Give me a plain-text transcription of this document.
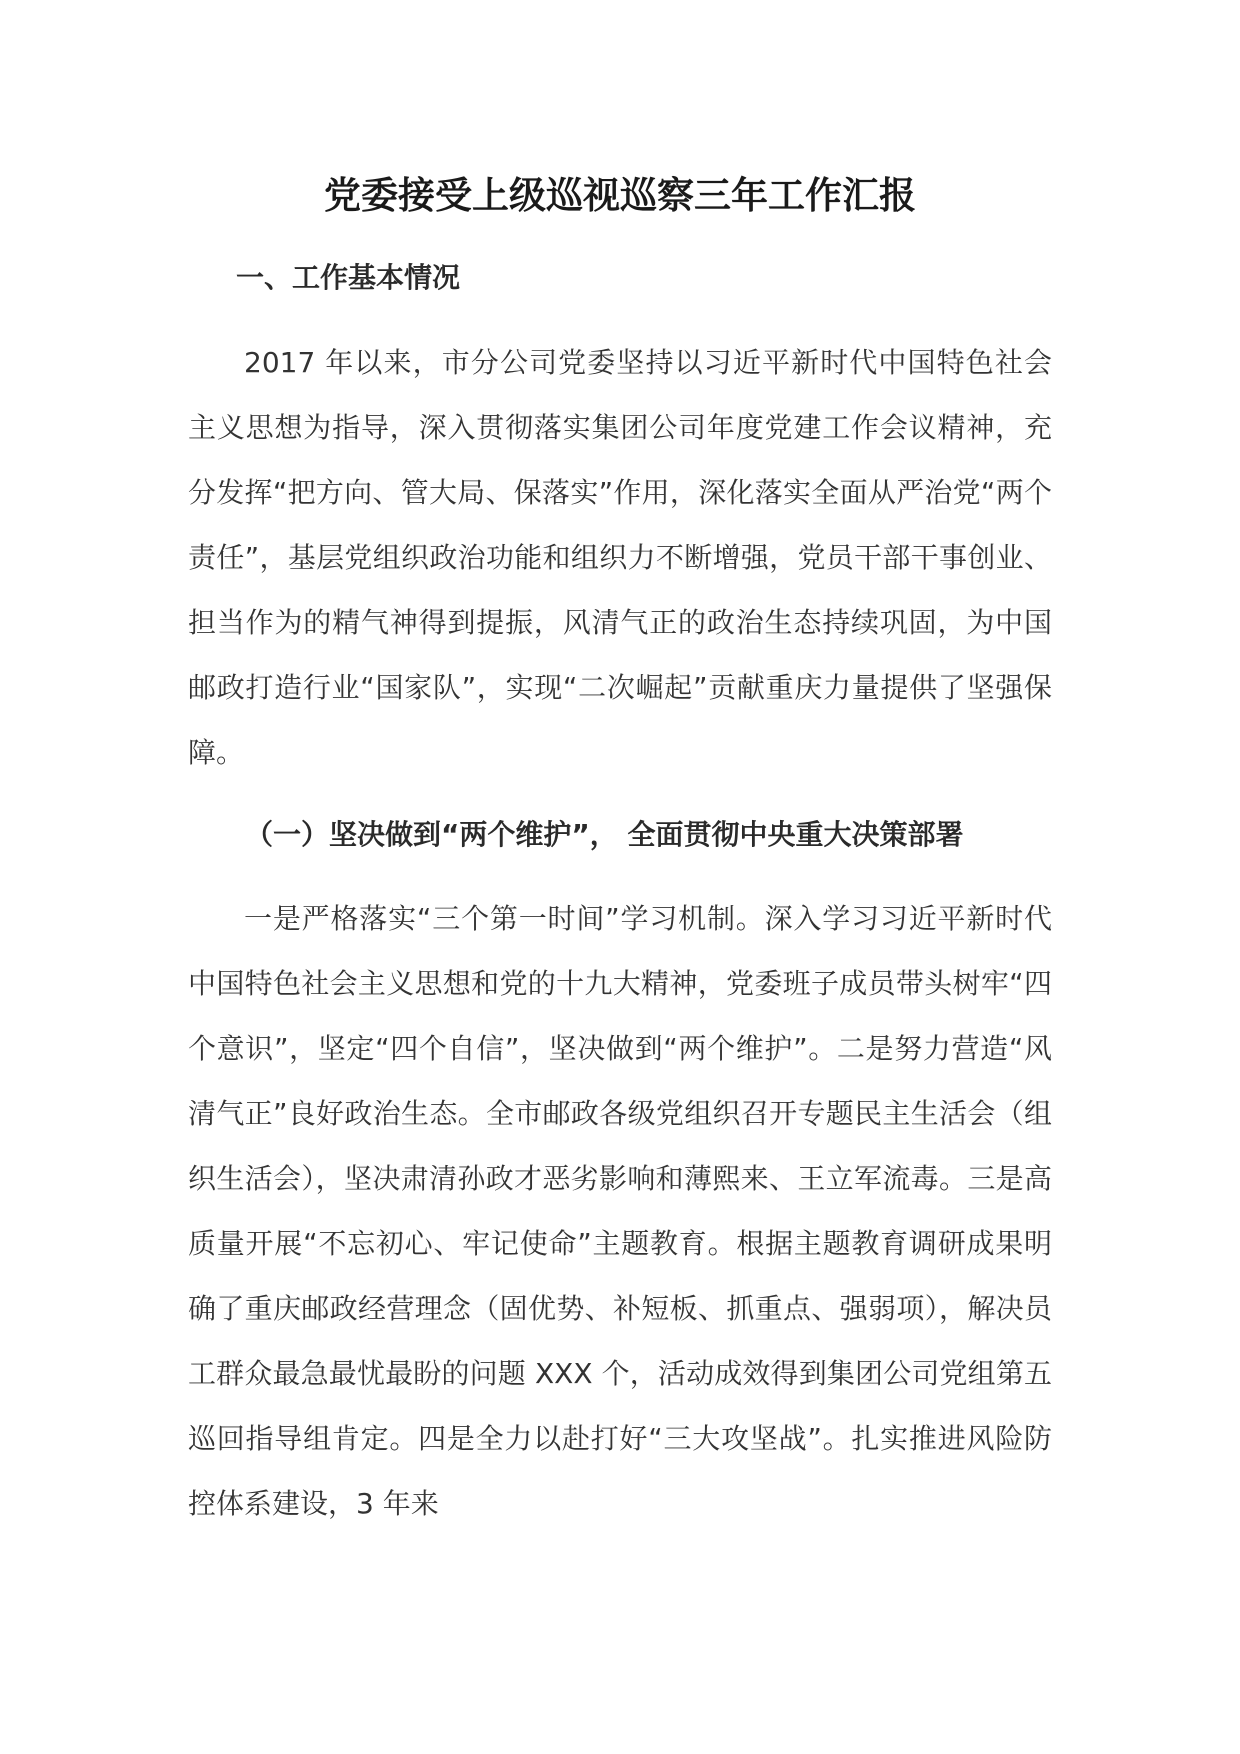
党委接受上级巡视巡察三年工作汇报
一、工作基本情况

2017 年以来，市分公司党委坚持以习近平新时代中国特色社会主义思想为指导，深入贯彻落实集团公司年度党建工作会议精神，充分发挥“把方向、管大局、保落实”作用，深化落实全面从严治党“两个责任”，基层党组织政治功能和组织力不断增强，党员干部干事创业、担当作为的精气神得到提振，风清气正的政治生态持续巩固，为中国邮政打造行业“国家队”，实现“二次崛起”贡献重庆力量提供了坚强保障。

（一）坚决做到“两个维护”， 全面贯彻中央重大决策部署

一是严格落实“三个第一时间”学习机制。深入学习习近平新时代中国特色社会主义思想和党的十九大精神，党委班子成员带头树牢“四个意识”，坚定“四个自信”，坚决做到“两个维护”。二是努力营造“风清气正”良好政治生态。全市邮政各级党组织召开专题民主生活会（组织生活会），坚决肃清孙政才恶劣影响和薄熙来、王立军流毒。三是高质量开展“不忘初心、牢记使命”主题教育。根据主题教育调研成果明确了重庆邮政经营理念（固优势、补短板、抓重点、强弱项），解决员工群众最急最忧最盼的问题 XXX 个，活动成效得到集团公司党组第五巡回指导组肯定。四是全力以赴打好“三大攻坚战”。扎实推进风险防控体系建设，3 年来
